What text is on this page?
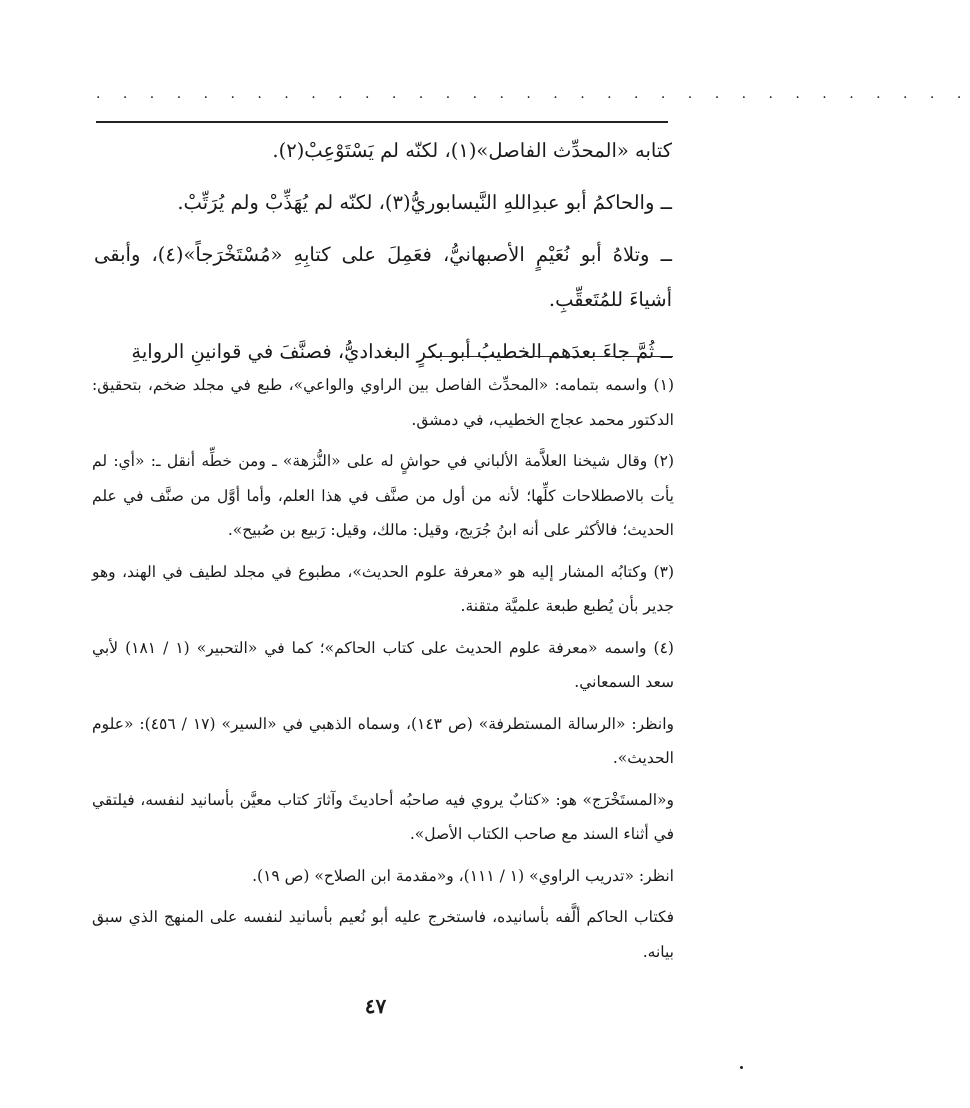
. . . . . . . . . . . . . . . . . . . . . . . . . . . . . . . . .

كتابه «المحدِّث الفاصل»(١)، لكنّه لم يَسْتَوْعِبْ(٢).

ــ والحاكمُ أبو عبدِاللهِ النَّيسابوريُّ(٣)، لكنّه لم يُهَذِّبْ ولم يُرَتِّبْ.

ــ وتلاهُ أبو نُعَيْمٍ الأصبهانيُّ، فعَمِلَ على كتابِهِ «مُسْتَخْرَجاً»(٤)، وأبقى أشياءَ للمُتَعقِّبِ.

ــ ثُمَّ جاءَ بعدَهم الخطيبُ أبو بكرٍ البغداديُّ، فصنَّفَ في قوانينِ الروايةِ

(١) واسمه بتمامه: «المحدِّث الفاصل بين الراوي والواعي»، طبع في مجلد ضخم، بتحقيق: الدكتور محمد عجاج الخطيب، في دمشق.

(٢) وقال شيخنا العلاَّمة الألباني في حواشٍ له على «النُّزهة» ـ ومن خطِّه أنقل ـ: «أي: لم يأت بالاصطلاحات كلِّها؛ لأنه من أول من صنَّف في هذا العلم، وأما أوَّل من صنَّف في علم الحديث؛ فالأكثر على أنه ابنُ جُرَيج، وقيل: مالك، وقيل: رَبيع بن صُبيح».

(٣) وكتابُه المشار إليه هو «معرفة علوم الحديث»، مطبوع في مجلد لطيف في الهند، وهو جدير بأن يُطبع طبعة علميَّة متقنة.

(٤) واسمه «معرفة علوم الحديث على كتاب الحاكم»؛ كما في «التحبير» (١ / ١٨١) لأبي سعد السمعاني.

وانظر: «الرسالة المستطرفة» (ص ١٤٣)، وسماه الذهبي في «السير» (١٧ / ٤٥٦): «علوم الحديث».

و«المستَخْرَج» هو: «كتابٌ يروي فيه صاحبُه أحاديثَ وآثارَ كتاب معيَّن بأسانيد لنفسه، فيلتقي في أثناء السند مع صاحب الكتاب الأصل».

انظر: «تدريب الراوي» (١ / ١١١)، و«مقدمة ابن الصلاح» (ص ١٩).

فكتاب الحاكم ألَّفه بأسانيده، فاستخرج عليه أبو نُعيم بأسانيد لنفسه على المنهج الذي سبق بيانه.

٤٧
